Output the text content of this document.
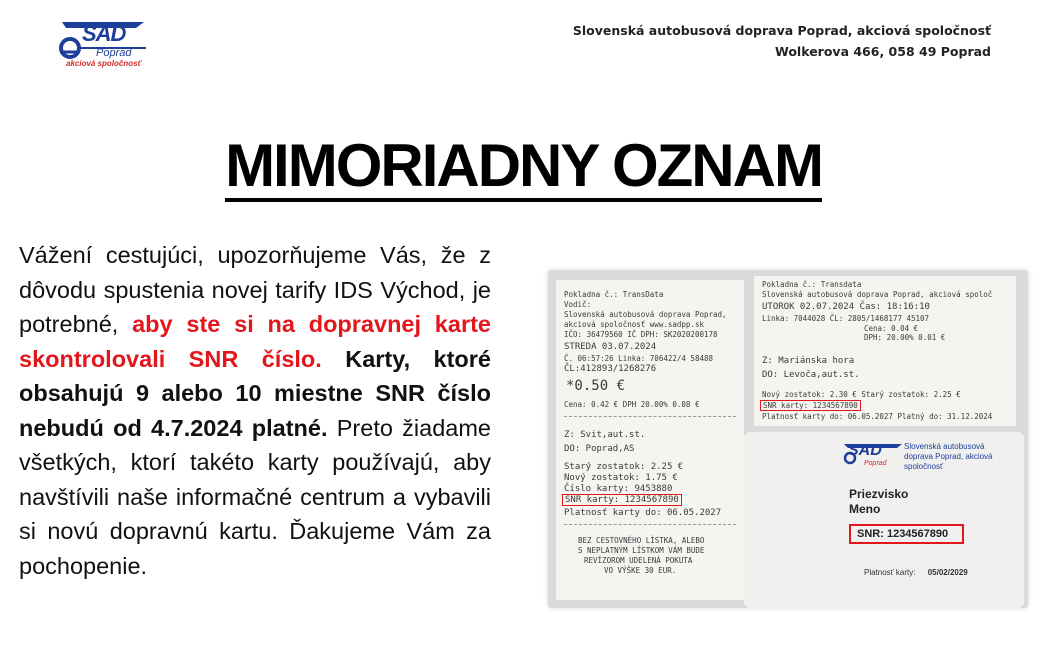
SAD
Poprad
akciová spoločnosť
Slovenská autobusová doprava Poprad, akciová spoločnosť
Wolkerova 466, 058 49 Poprad
MIMORIADNY OZNAM
Vážení cestujúci, upozorňujeme Vás, že z dôvodu spustenia novej tarify IDS Východ, je potrebné, aby ste si na dopravnej karte skontrolovali SNR číslo. Karty, ktoré obsahujú 9 alebo 10 miestne SNR číslo nebudú od 4.7.2024 platné. Preto žiadame všetkých, ktorí takéto karty používajú, aby navštívili naše informačné centrum a vybavili si novú dopravnú kartu. Ďakujeme Vám za pochopenie.
Pokladna č.: TransData
Vodič:
Slovenská autobusová doprava Poprad,
akciová spoločnosť www.sadpp.sk
IČO: 36479560 IČ DPH: SK2020200178
STREDA 03.07.2024
Č. 06:57:26 Linka: 706422/4 58488
ČL:412893/1268276
*0.50 €
Cena: 0.42 € DPH 20.00% 0.08 €
Z: Svit,aut.st.
DO: Poprad,AS
Starý zostatok: 2.25 €
Nový zostatok: 1.75 €
Číslo karty: 9453880
SNR karty: 1234567890
Platnosť karty do: 06.05.2027
BEZ CESTOVNÉHO LÍSTKA, ALEBO
S NEPLATNÝM LÍSTKOM VÁM BUDE
REVÍZOROM UDELENÁ POKUTA
VO VÝŠKE 30 EUR.
Pokladna č.: Transdata
Slovenská autobusová doprava Poprad, akciová spoloč
UTOROK 02.07.2024 Čas: 18:16:10
Linka: 7044028 ČL: 2805/1468177 45107
Cena: 0.04 €
DPH: 20.00% 0.01 €
Z: Mariánska hora
DO: Levoča,aut.st.
Nový zostatok: 2.30 € Starý zostatok: 2.25 €
SNR karty: 1234567890
Platnosť karty do: 06.05.2027 Platný do: 31.12.2024
SAD
Poprad
Slovenská autobusová doprava Poprad, akciová spoločnosť
Priezvisko
Meno
SNR: 1234567890
Platnosť karty: 05/02/2029
